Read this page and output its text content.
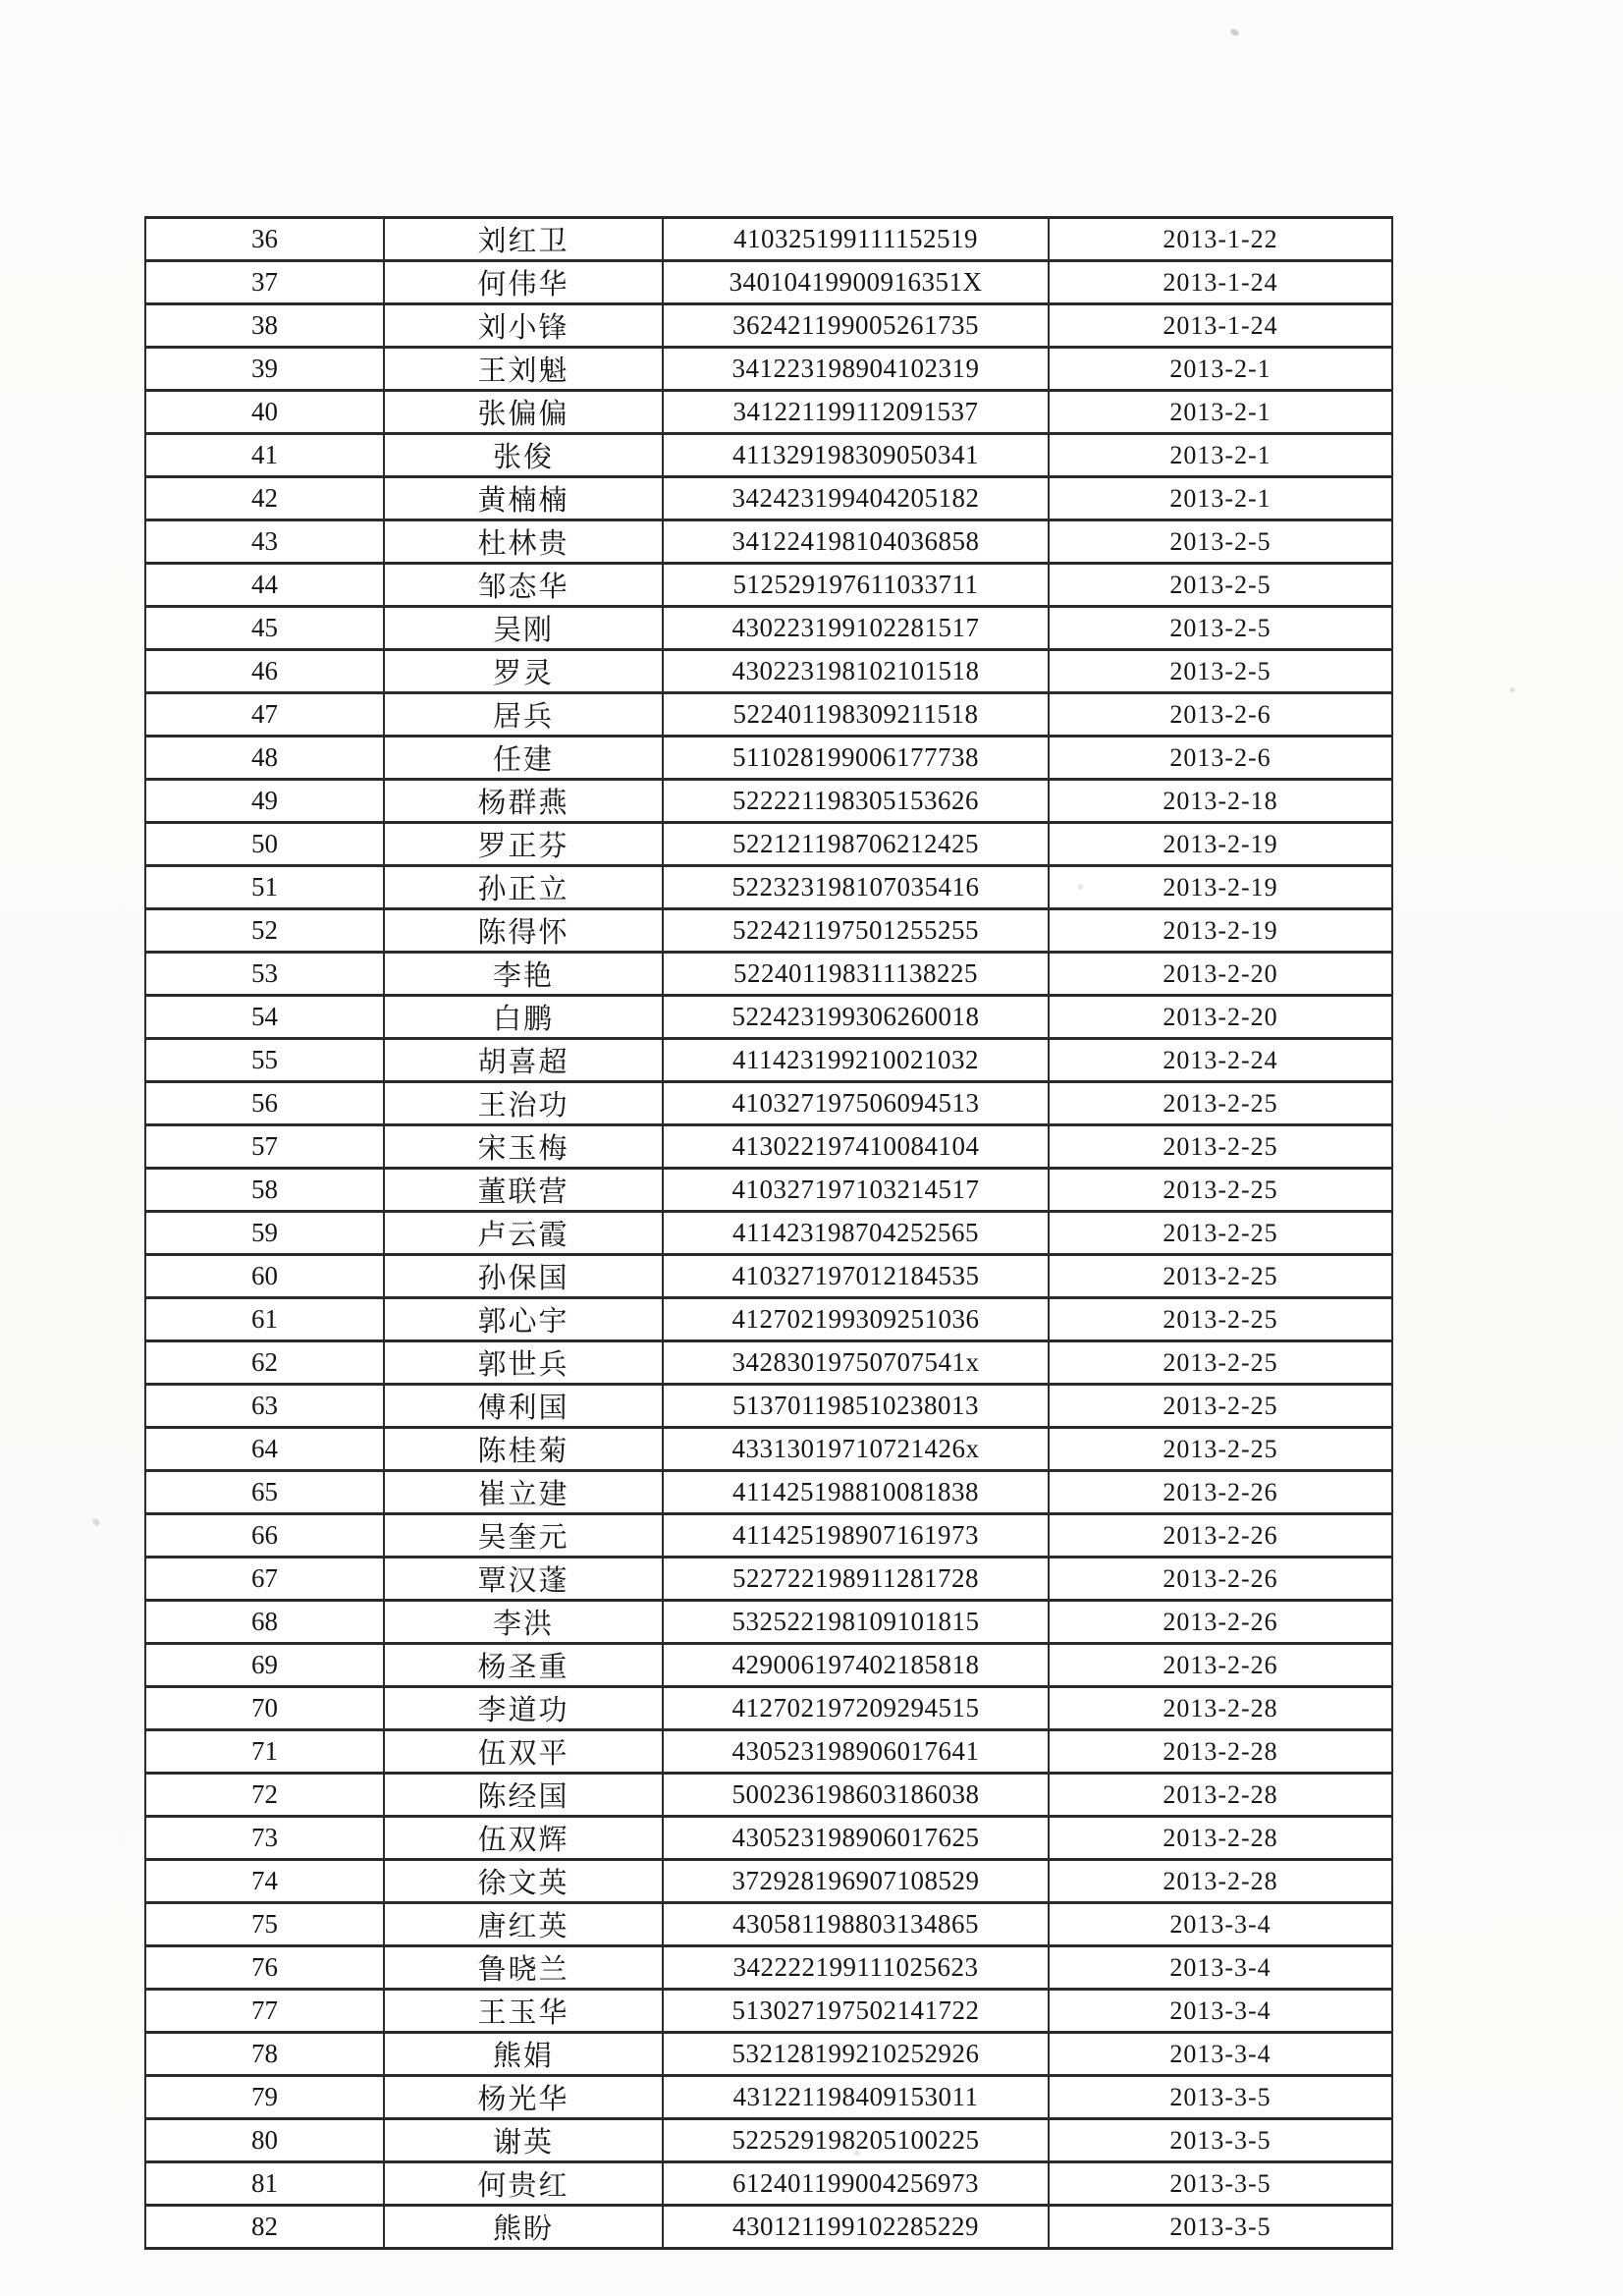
36	刘红卫	410325199111152519	2013-1-22
37	何伟华	34010419900916351X	2013-1-24
38	刘小锋	362421199005261735	2013-1-24
39	王刘魁	341223198904102319	2013-2-1
40	张偏偏	341221199112091537	2013-2-1
41	张俊	411329198309050341	2013-2-1
42	黄楠楠	342423199404205182	2013-2-1
43	杜林贵	341224198104036858	2013-2-5
44	邹态华	512529197611033711	2013-2-5
45	吴刚	430223199102281517	2013-2-5
46	罗灵	430223198102101518	2013-2-5
47	居兵	522401198309211518	2013-2-6
48	任建	511028199006177738	2013-2-6
49	杨群燕	522221198305153626	2013-2-18
50	罗正芬	522121198706212425	2013-2-19
51	孙正立	522323198107035416	2013-2-19
52	陈得怀	522421197501255255	2013-2-19
53	李艳	522401198311138225	2013-2-20
54	白鹏	522423199306260018	2013-2-20
55	胡喜超	411423199210021032	2013-2-24
56	王治功	410327197506094513	2013-2-25
57	宋玉梅	413022197410084104	2013-2-25
58	董联营	410327197103214517	2013-2-25
59	卢云霞	411423198704252565	2013-2-25
60	孙保国	410327197012184535	2013-2-25
61	郭心宇	412702199309251036	2013-2-25
62	郭世兵	34283019750707541x	2013-2-25
63	傅利国	513701198510238013	2013-2-25
64	陈桂菊	43313019710721426x	2013-2-25
65	崔立建	411425198810081838	2013-2-26
66	吴奎元	411425198907161973	2013-2-26
67	覃汉蓬	522722198911281728	2013-2-26
68	李洪	532522198109101815	2013-2-26
69	杨圣重	429006197402185818	2013-2-26
70	李道功	412702197209294515	2013-2-28
71	伍双平	430523198906017641	2013-2-28
72	陈经国	500236198603186038	2013-2-28
73	伍双辉	430523198906017625	2013-2-28
74	徐文英	372928196907108529	2013-2-28
75	唐红英	430581198803134865	2013-3-4
76	鲁晓兰	342222199111025623	2013-3-4
77	王玉华	513027197502141722	2013-3-4
78	熊娟	532128199210252926	2013-3-4
79	杨光华	431221198409153011	2013-3-5
80	谢英	522529198205100225	2013-3-5
81	何贵红	612401199004256973	2013-3-5
82	熊盼	430121199102285229	2013-3-5
